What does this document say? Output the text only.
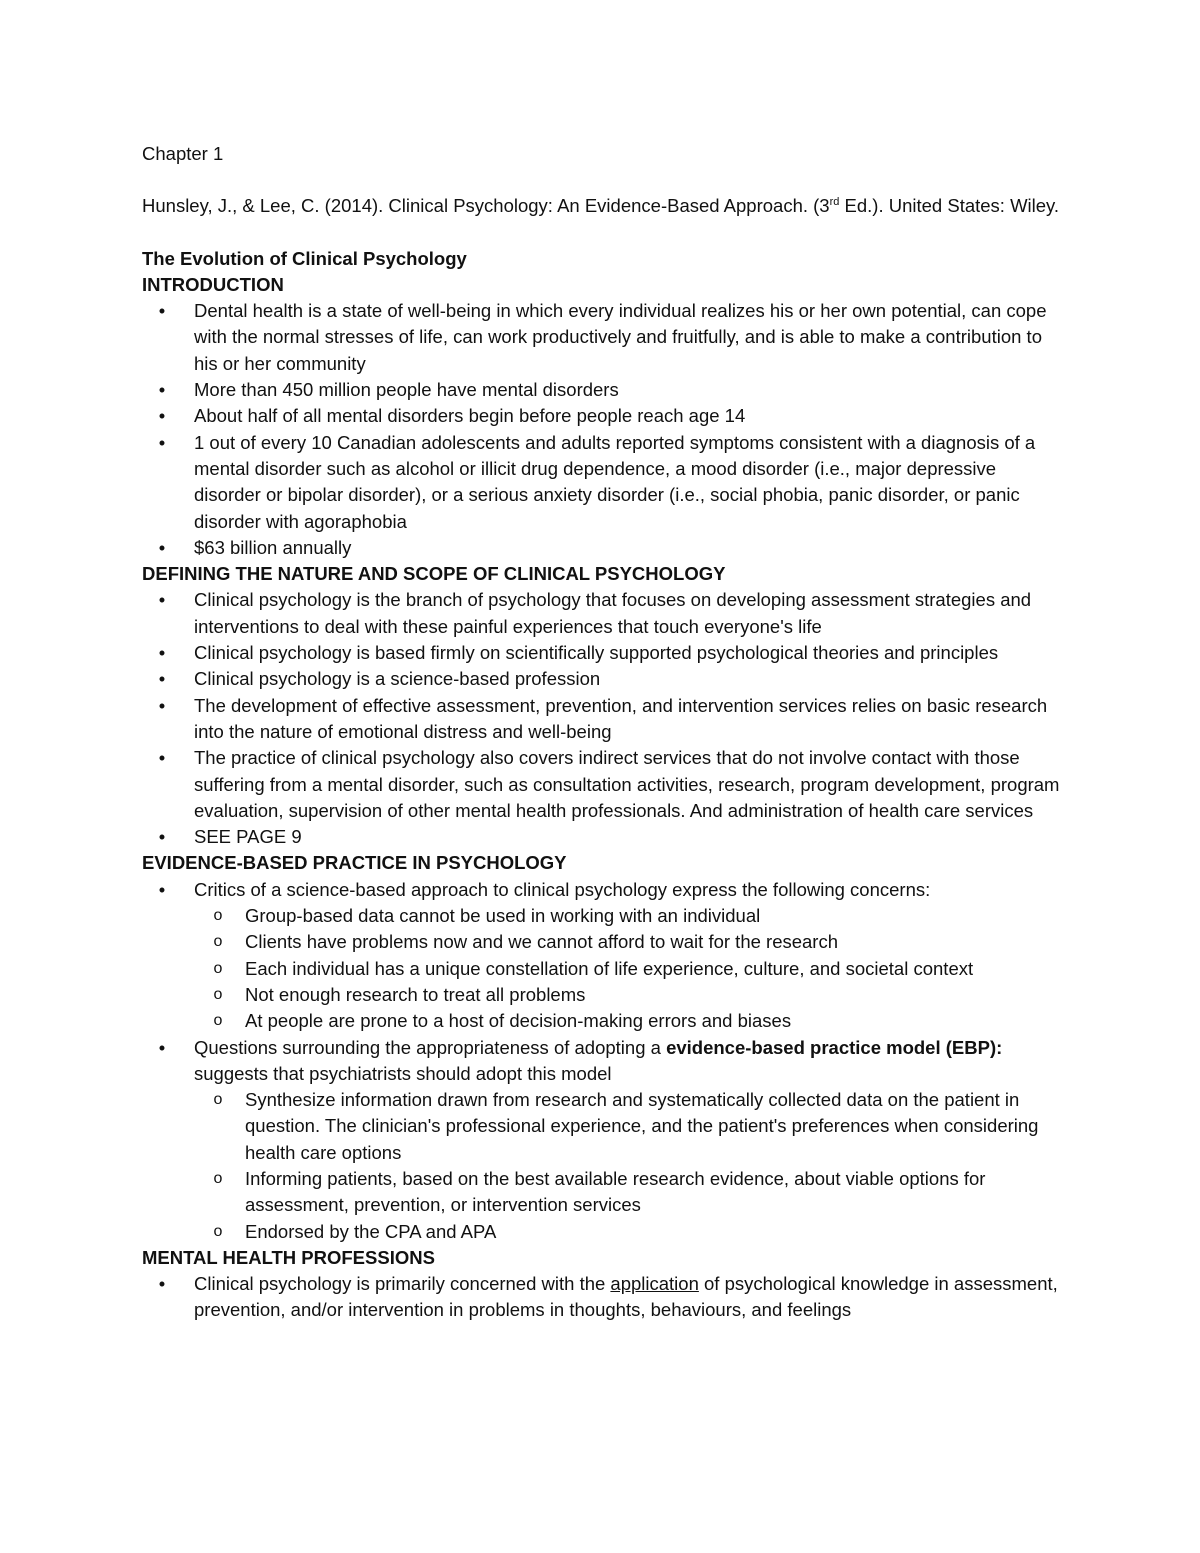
Chapter 1

Hunsley, J., & Lee, C. (2014). Clinical Psychology: An Evidence-Based Approach. (3rd Ed.). United States: Wiley.

The Evolution of Clinical Psychology

INTRODUCTION

• Dental health is a state of well-being in which every individual realizes his or her own potential, can cope with the normal stresses of life, can work productively and fruitfully, and is able to make a contribution to his or her community
• More than 450 million people have mental disorders
• About half of all mental disorders begin before people reach age 14
• 1 out of every 10 Canadian adolescents and adults reported symptoms consistent with a diagnosis of a mental disorder such as alcohol or illicit drug dependence, a mood disorder (i.e., major depressive disorder or bipolar disorder), or a serious anxiety disorder (i.e., social phobia, panic disorder, or panic disorder with agoraphobia
• $63 billion annually

DEFINING THE NATURE AND SCOPE OF CLINICAL PSYCHOLOGY

• Clinical psychology is the branch of psychology that focuses on developing assessment strategies and interventions to deal with these painful experiences that touch everyone's life
• Clinical psychology is based firmly on scientifically supported psychological theories and principles
• Clinical psychology is a science-based profession
• The development of effective assessment, prevention, and intervention services relies on basic research into the nature of emotional distress and well-being
• The practice of clinical psychology also covers indirect services that do not involve contact with those suffering from a mental disorder, such as consultation activities, research, program development, program evaluation, supervision of other mental health professionals. And administration of health care services
• SEE PAGE 9

EVIDENCE-BASED PRACTICE IN PSYCHOLOGY

• Critics of a science-based approach to clinical psychology express the following concerns:
o Group-based data cannot be used in working with an individual
o Clients have problems now and we cannot afford to wait for the research
o Each individual has a unique constellation of life experience, culture, and societal context
o Not enough research to treat all problems
o At people are prone to a host of decision-making errors and biases
• Questions surrounding the appropriateness of adopting a evidence-based practice model (EBP): suggests that psychiatrists should adopt this model
o Synthesize information drawn from research and systematically collected data on the patient in question. The clinician's professional experience, and the patient's preferences when considering health care options
o Informing patients, based on the best available research evidence, about viable options for assessment, prevention, or intervention services
o Endorsed by the CPA and APA

MENTAL HEALTH PROFESSIONS

• Clinical psychology is primarily concerned with the application of psychological knowledge in assessment, prevention, and/or intervention in problems in thoughts, behaviours, and feelings
